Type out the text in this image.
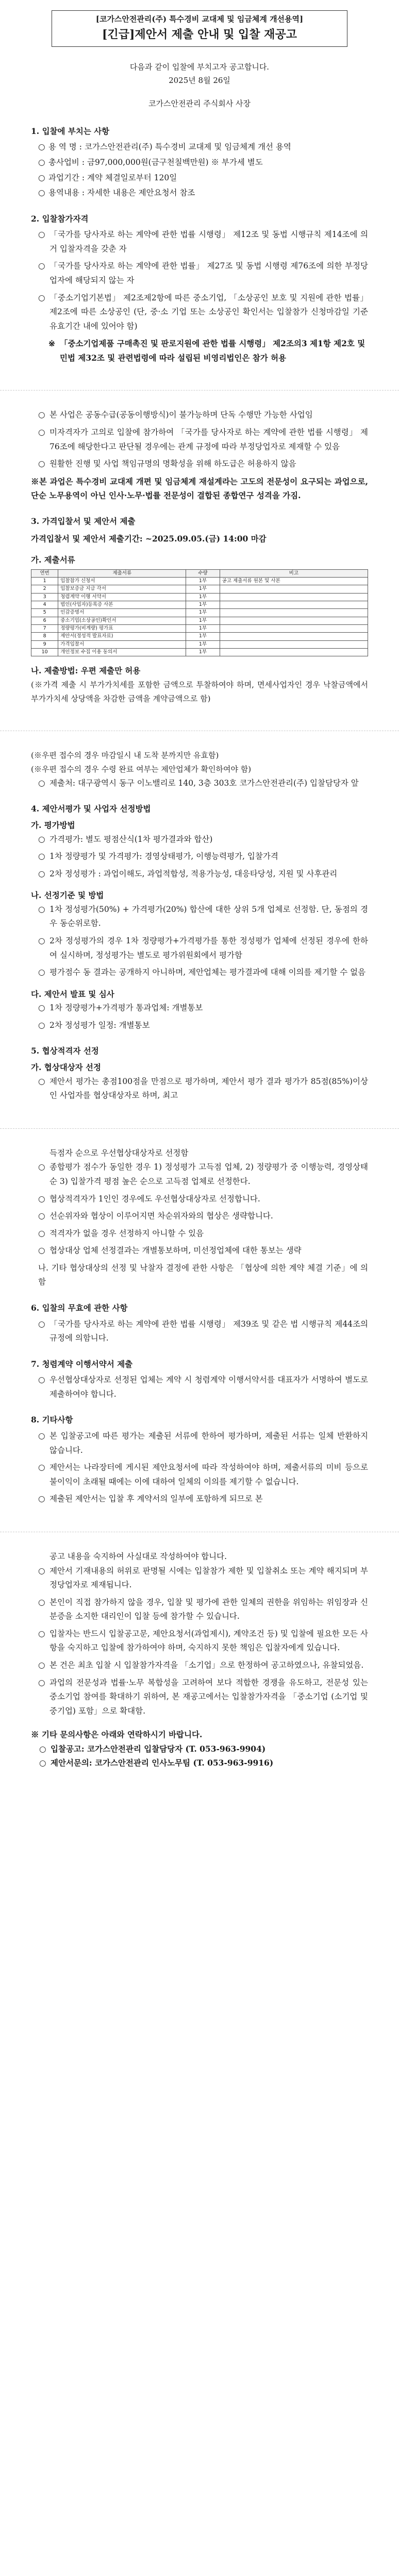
[코가스안전관리(주) 특수경비 교대제 및 임금체계 개선용역]
[긴급]제안서 제출 안내 및 입찰 재공고
다음과 같이 입찰에 부치고자 공고합니다.
2025년 8월 26일
코가스안전관리 주식회사 사장
1. 입찰에 부치는 사항
○ 용 역 명 : 코가스안전관리(주) 특수경비 교대제 및 임금체계 개선 용역
○ 총사업비 : 금97,000,000원(금구천칠백만원) ※ 부가세 별도
○ 과업기간 : 계약 체결일로부터 120일
○ 용역내용 : 자세한 내용은 제안요청서 참조
2. 입찰참가자격
○ 「국가를 당사자로 하는 계약에 관한 법률 시행령」 제12조 및 동법 시행규칙 제14조에 의거 입찰자격을 갖춘 자
○ 「국가를 당사자로 하는 계약에 관한 법률」 제27조 및 동법 시행령 제76조에 의한 부정당업자에 해당되지 않는 자
○ 「중소기업기본법」 제2조제2항에 따른 중소기업, 「소상공인 보호 및 지원에 관한 법률」 제2조에 따른 소상공인 (단, 중·소 기업 또는 소상공인 확인서는 입찰참가 신청마감일 기준 유효기간 내에 있어야 함)
※ 「중소기업제품 구매촉진 및 판로지원에 관한 법률 시행령」 제2조의3 제1항 제2호 및 민법 제32조 및 관련법령에 따라 설립된 비영리법인은 참가 허용
○ 본 사업은 공동수급(공동이행방식)이 불가능하며 단독 수행만 가능한 사업임
○ 미자격자가 고의로 입찰에 참가하여 「국가를 당사자로 하는 계약에 관한 법률 시행령」 제76조에 해당한다고 판단될 경우에는 관계 규정에 따라 부정당업자로 제재할 수 있음
○ 원활한 진행 및 사업 책임규명의 명확성을 위해 하도급은 허용하지 않음
※본 과업은 특수경비 교대제 개편 및 임금체계 재설계라는 고도의 전문성이 요구되는 과업으로, 단순 노무용역이 아닌 인사·노무·법률 전문성이 결합된 종합연구 성격을 가짐.
3. 가격입찰서 및 제안서 제출
가격입찰서 및 제안서 제출기간: ~2025.09.05.(금) 14:00 마감
가. 제출서류
연번	제출서류	수량	비고
1	입찰참가 신청서	1부	공고 제출서류 원본 및 사본
2	입찰보증금 지급 각서	1부	
3	청렴계약 이행 서약서	1부	
4	법인(사업자)등록증 사본	1부	
5	인감증명서	1부	
6	중소기업(소상공인)확인서	1부	
7	정량평가(비계량) 평가표	1부	
8	제안서(정성적 발표자료)	1부	
9	가격입찰서	1부	
10	개인정보 수집 이용 동의서	1부	
나. 제출방법: 우편 제출만 허용
(※가격 제출 시 부가가치세를 포함한 금액으로 투찰하여야 하며, 면세사업자인 경우 낙찰금액에서 부가가치세 상당액을 차감한 금액을 계약금액으로 함)
(※우편 접수의 경우 마감일시 내 도착 분까지만 유효함)
(※우편 접수의 경우 수령 완료 여부는 제안업체가 확인하여야 함)
○ 제출처: 대구광역시 동구 이노밸리로 140, 3층 303호 코가스안전관리(주) 입찰담당자 앞
4. 제안서평가 및 사업자 선정방법
가. 평가방법
○ 가격평가: 별도 평점산식(1차 평가결과와 합산)
○ 1차 정량평가 및 가격평가: 경영상태평가, 이행능력평가, 입찰가격
○ 2차 정성평가 : 과업이해도, 과업적합성, 적용가능성, 대응타당성, 지원 및 사후관리
나. 선정기준 및 방법
○ 1차 정성평가(50%) + 가격평가(20%) 합산에 대한 상위 5개 업체로 선정함. 단, 동점의 경우 동순위로함.
○ 2차 정성평가의 경우 1차 정량평가+가격평가를 통한 정성평가 업체에 선정된 경우에 한하여 실시하며, 정성평가는 별도로 평가위원회에서 평가함
○ 평가점수 동 결과는 공개하지 아니하며, 제안업체는 평가결과에 대해 이의를 제기할 수 없음
다. 제안서 발표 및 심사
○ 1차 정량평가+가격평가 통과업체: 개별통보
○ 2차 정성평가 일정: 개별통보
5. 협상적격자 선정
가. 협상대상자 선정
○ 제안서 평가는 총점100점을 만점으로 평가하며, 제안서 평가 결과 평가가 85점(85%)이상인 사업자를 협상대상자로 하며, 최고
득점자 순으로 우선협상대상자로 선정함
○ 종합평가 점수가 동일한 경우 1) 정성평가 고득점 업체, 2) 정량평가 중 이행능력, 경영상태 순 3) 입찰가격 평점 높은 순으로 고득점 업체로 선정한다.
○ 협상적격자가 1인인 경우에도 우선협상대상자로 선정합니다.
○ 선순위자와 협상이 이루어지면 차순위자와의 협상은 생략합니다.
○ 적격자가 없을 경우 선정하지 아니할 수 있음
○ 협상대상 업체 선정결과는 개별통보하며, 미선정업체에 대한 통보는 생략
나. 기타 협상대상의 선정 및 낙찰자 결정에 관한 사항은 「협상에 의한 계약 체결 기준」에 의함
6. 입찰의 무효에 관한 사항
○ 「국가를 당사자로 하는 계약에 관한 법률 시행령」 제39조 및 같은 법 시행규칙 제44조의 규정에 의함니다.
7. 청렴계약 이행서약서 제출
○ 우선협상대상자로 선정된 업체는 계약 시 청렴계약 이행서약서를 대표자가 서명하여 별도로 제출하여야 합니다.
8. 기타사항
○ 본 입찰공고에 따른 평가는 제출된 서류에 한하여 평가하며, 제출된 서류는 일체 반환하지 않습니다.
○ 제안서는 나라장터에 게시된 제안요청서에 따라 작성하여야 하며, 제출서류의 미비 등으로 불이익이 초래될 때에는 이에 대하여 일체의 이의를 제기할 수 없습니다.
○ 제출된 제안서는 입찰 후 계약서의 일부에 포함하게 되므로 본
공고 내용을 숙지하여 사실대로 작성하여야 합니다.
○ 제안서 기재내용의 허위로 판명될 시에는 입찰참가 제한 및 입찰취소 또는 계약 해지되며 부정당업자로 제재됩니다.
○ 본인이 직접 참가하지 않을 경우, 입찰 및 평가에 관한 일체의 권한을 위임하는 위임장과 신분증을 소지한 대리인이 입찰 등에 참가할 수 있습니다.
○ 입찰자는 반드시 입찰공고문, 제안요청서(과업제시), 계약조건 등) 및 입찰에 필요한 모든 사항을 숙지하고 입찰에 참가하여야 하며, 숙지하지 못한 책임은 입찰자에게 있습니다.
○ 본 건은 최초 입찰 시 입찰참가자격을 「소기업」으로 한정하여 공고하였으나, 유찰되었음.
○ 과업의 전문성과 법률·노무 복합성을 고려하여 보다 적합한 경쟁을 유도하고, 전문성 있는 중소기업 참여를 확대하기 위하여, 본 재공고에서는 입찰참가자격을 「중소기업 (소기업 및 중기업) 포함」으로 확대함.
※ 기타 문의사항은 아래와 연락하시기 바랍니다.
○ 입찰공고: 코가스안전관리 입찰담당자 (T. 053-963-9904)
○ 제안서문의: 코가스안전관리 인사노무팀 (T. 053-963-9916)
